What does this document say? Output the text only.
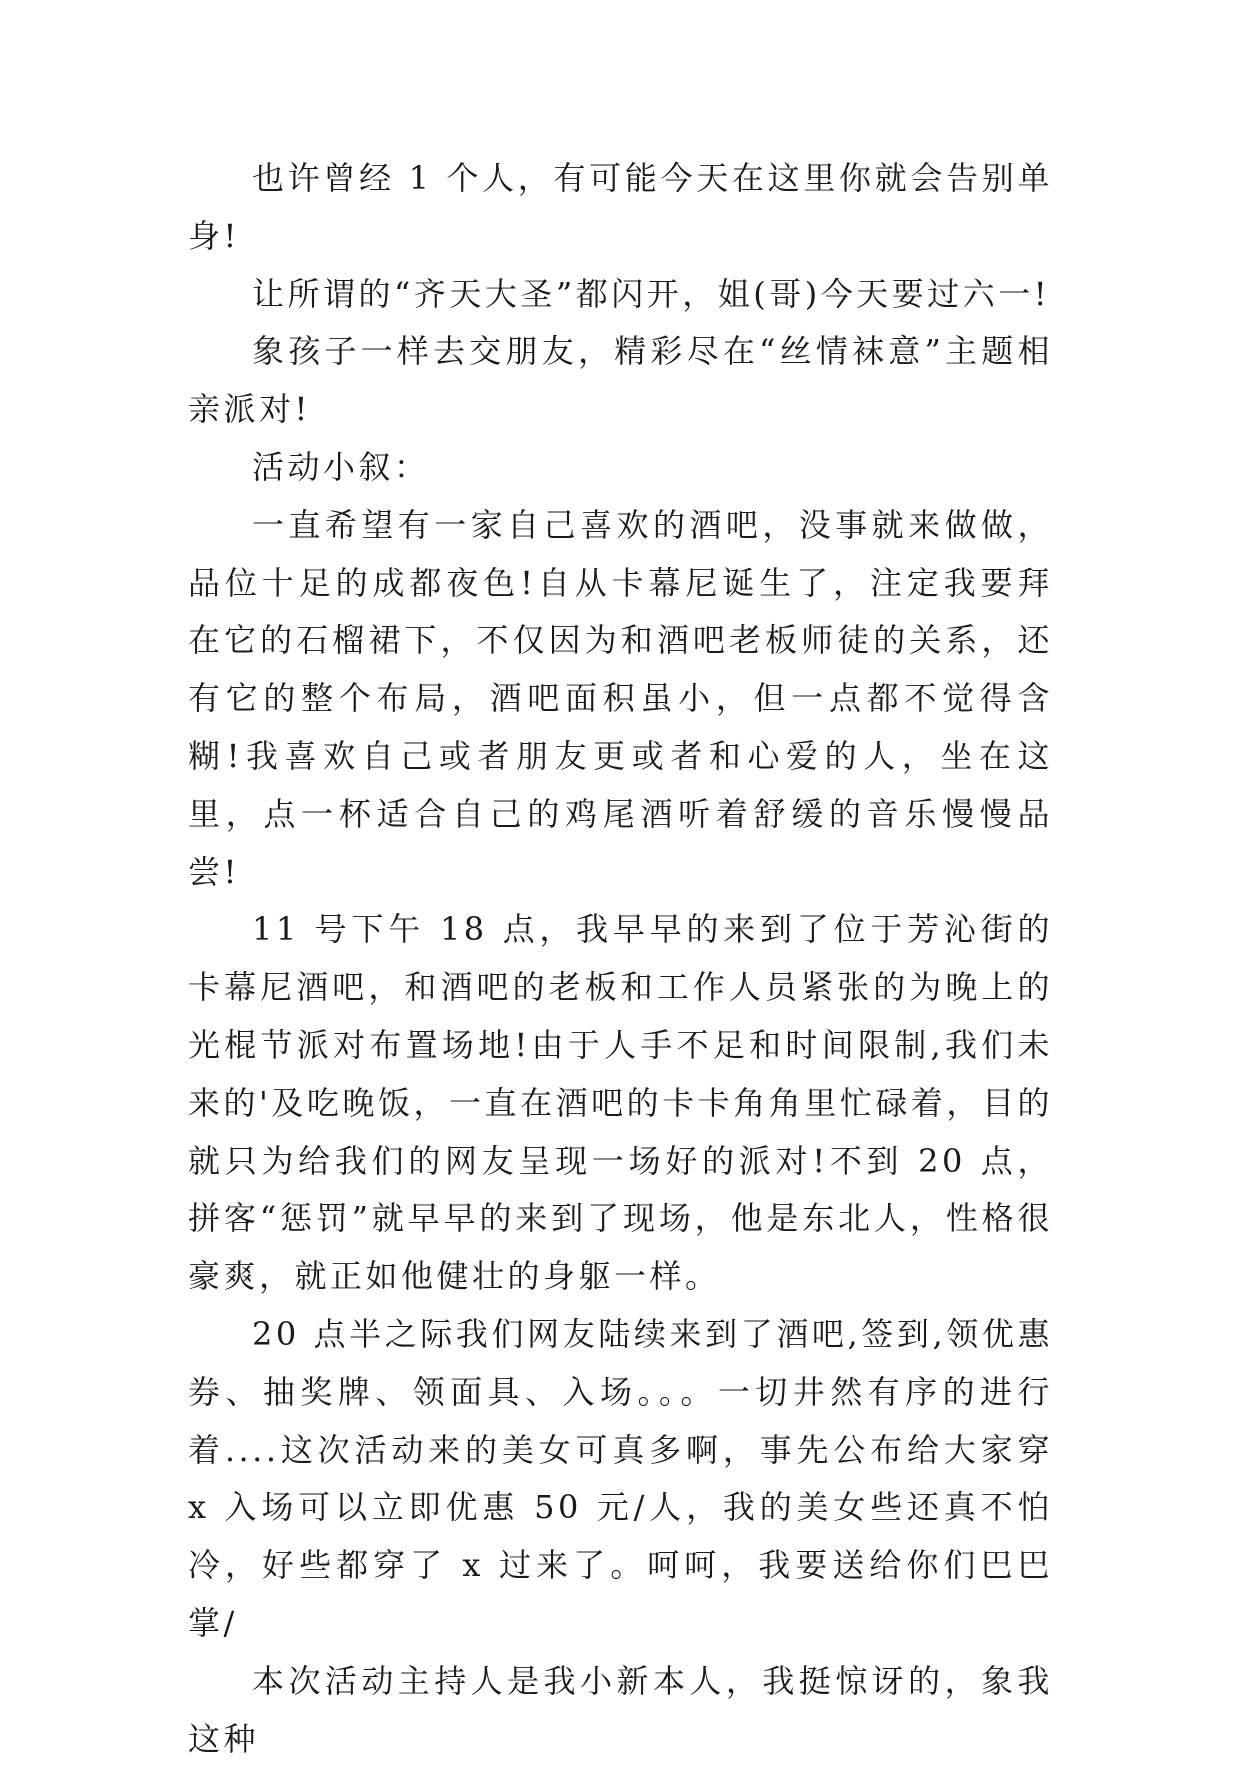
也许曾经 1 个人，有可能今天在这里你就会告别单身!

让所谓的“齐天大圣”都闪开，姐(哥)今天要过六一!

象孩子一样去交朋友，精彩尽在“丝情袜意”主题相亲派对!

活动小叙：

一直希望有一家自己喜欢的酒吧，没事就来做做，品位十足的成都夜色!自从卡幕尼诞生了，注定我要拜在它的石榴裙下，不仅因为和酒吧老板师徒的关系，还有它的整个布局，酒吧面积虽小，但一点都不觉得含糊!我喜欢自己或者朋友更或者和心爱的人，坐在这里，点一杯适合自己的鸡尾酒听着舒缓的音乐慢慢品尝!

11 号下午 18 点，我早早的来到了位于芳沁街的卡幕尼酒吧，和酒吧的老板和工作人员紧张的为晚上的光棍节派对布置场地!由于人手不足和时间限制,我们未来的'及吃晚饭，一直在酒吧的卡卡角角里忙碌着，目的就只为给我们的网友呈现一场好的派对!不到 20 点，拼客“惩罚”就早早的来到了现场，他是东北人，性格很豪爽，就正如他健壮的身躯一样。

20 点半之际我们网友陆续来到了酒吧,签到,领优惠券、抽奖牌、领面具、入场。。。一切井然有序的进行着....这次活动来的美女可真多啊，事先公布给大家穿 x 入场可以立即优惠 50 元/人，我的美女些还真不怕冷，好些都穿了 x 过来了。呵呵，我要送给你们巴巴掌/

本次活动主持人是我小新本人，我挺惊讶的，象我这种
